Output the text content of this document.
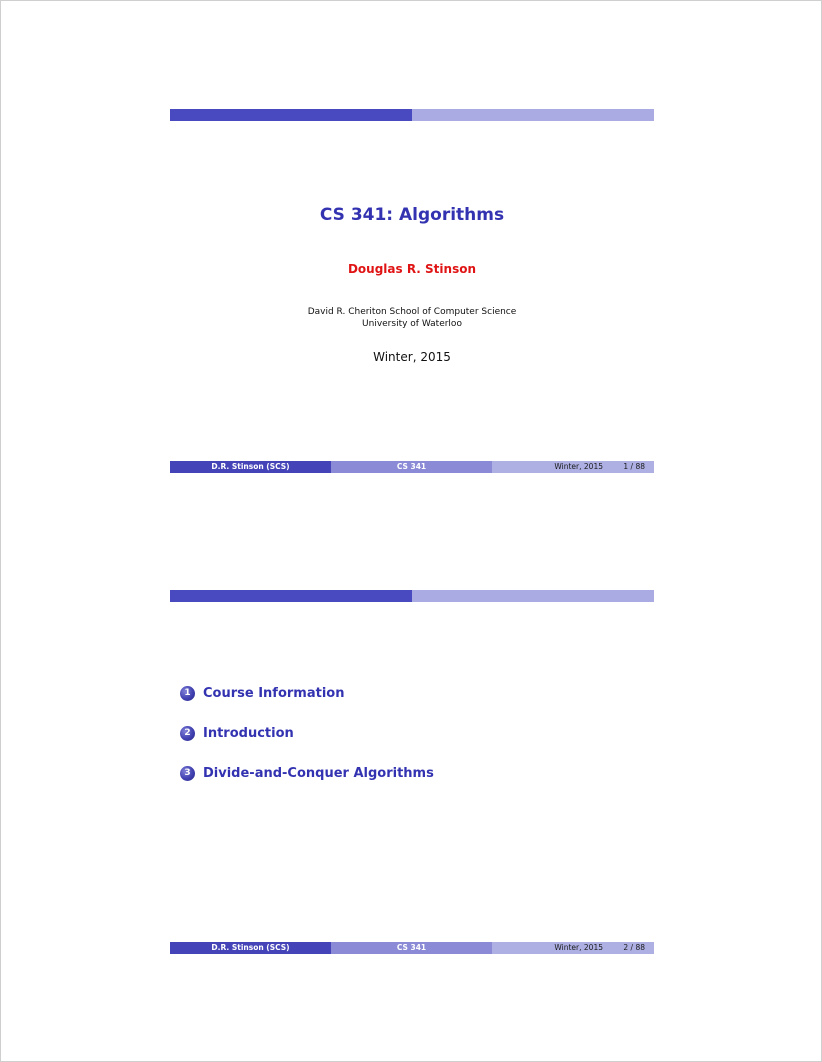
CS 341: Algorithms
Douglas R. Stinson
David R. Cheriton School of Computer Science
University of Waterloo
Winter, 2015
D.R. Stinson (SCS)	CS 341	Winter, 2015	1 / 88
1 Course Information
2 Introduction
3 Divide-and-Conquer Algorithms
D.R. Stinson (SCS)	CS 341	Winter, 2015	2 / 88
